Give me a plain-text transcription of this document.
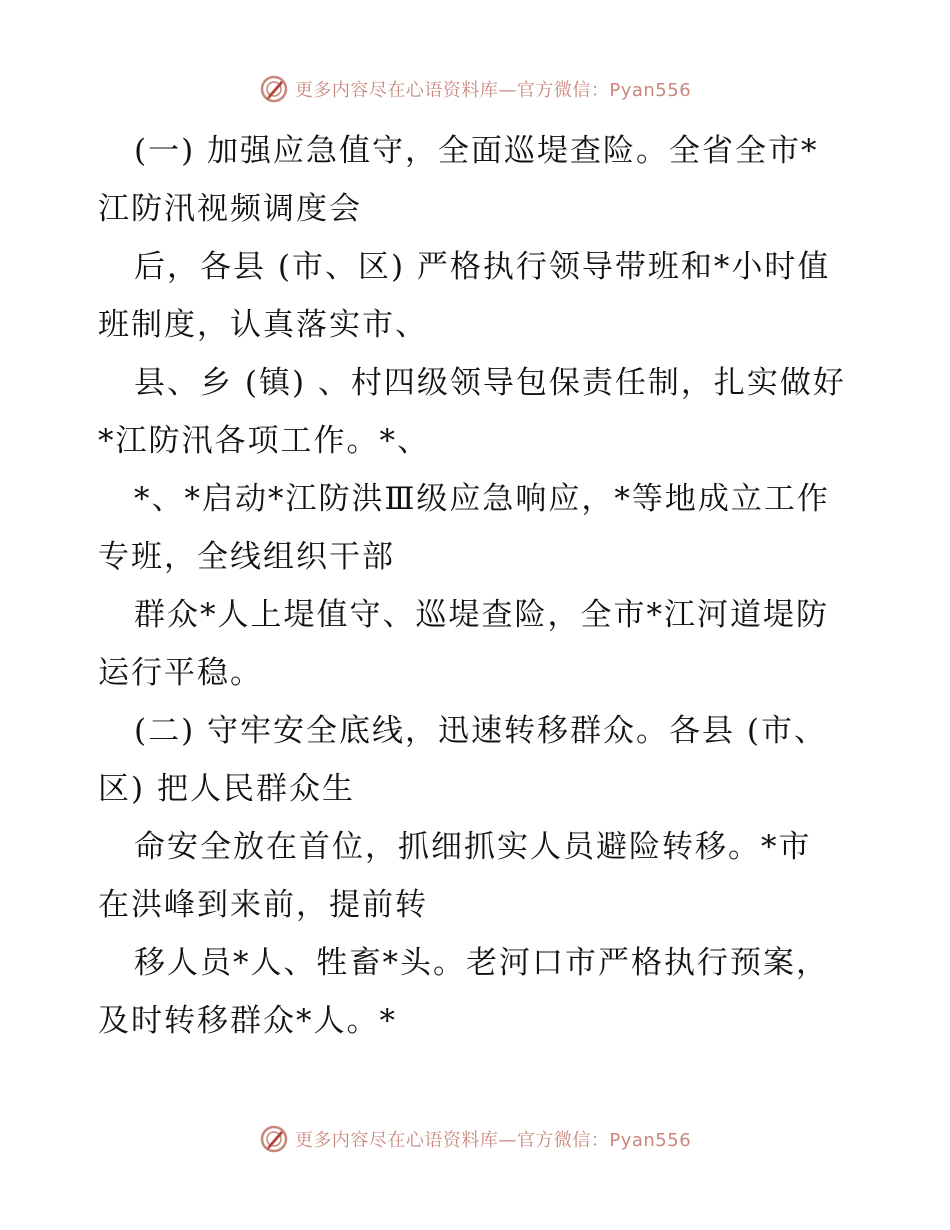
更多内容尽在心语资料库—官方微信：Pyan556
(一) 加强应急值守，全面巡堤查险。全省全市*
江防汛视频调度会
后，各县 (市、区) 严格执行领导带班和*小时值
班制度，认真落实市、
县、乡 (镇) 、村四级领导包保责任制，扎实做好
*江防汛各项工作。*、
*、*启动*江防洪Ⅲ级应急响应，*等地成立工作
专班，全线组织干部
群众*人上堤值守、巡堤查险，全市*江河道堤防
运行平稳。
(二) 守牢安全底线，迅速转移群众。各县 (市、
区) 把人民群众生
命安全放在首位，抓细抓实人员避险转移。*市
在洪峰到来前，提前转
移人员*人、牲畜*头。老河口市严格执行预案，
及时转移群众*人。*
更多内容尽在心语资料库—官方微信：Pyan556
